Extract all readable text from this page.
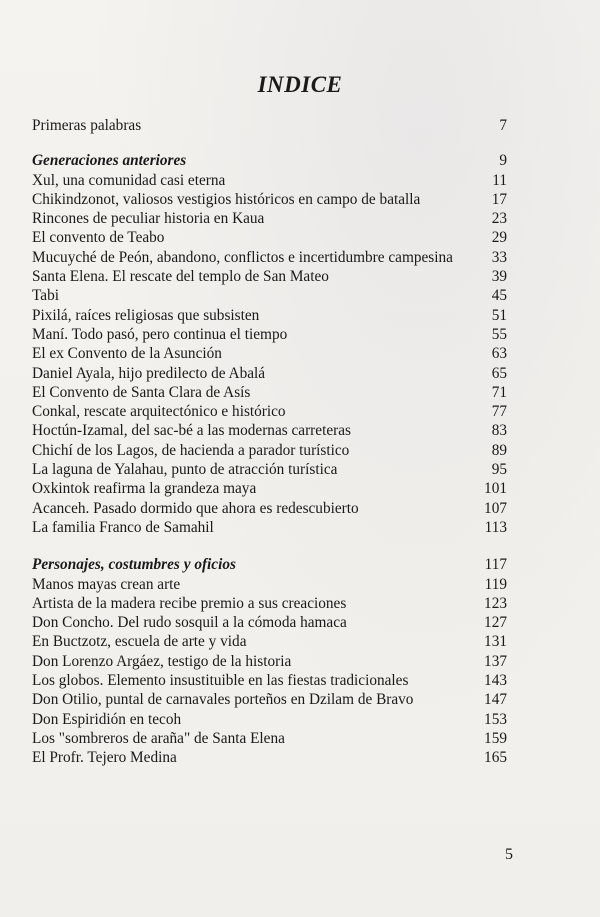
INDICE
Primeras palabras	7
Generaciones anteriores	9
Xul, una comunidad casi eterna	11
Chikindzonot, valiosos vestigios históricos en campo de batalla	17
Rincones de peculiar historia en Kaua	23
El convento de Teabo	29
Mucuyché de Peón, abandono, conflictos e incertidumbre campesina	33
Santa Elena. El rescate del templo de San Mateo	39
Tabi	45
Pixilá, raíces religiosas que subsisten	51
Maní. Todo pasó, pero continua el tiempo	55
El ex Convento de la Asunción	63
Daniel Ayala, hijo predilecto de Abalá	65
El Convento de Santa Clara de Asís	71
Conkal, rescate arquitectónico e histórico	77
Hoctún-Izamal, del sac-bé a las modernas carreteras	83
Chichí de los Lagos, de hacienda a parador turístico	89
La laguna de Yalahau, punto de atracción turística	95
Oxkintok reafirma la grandeza maya	101
Acanceh. Pasado dormido que ahora es redescubierto	107
La familia Franco de Samahil	113
Personajes, costumbres y oficios	117
Manos mayas crean arte	119
Artista de la madera recibe premio a sus creaciones	123
Don Concho. Del rudo sosquil a la cómoda hamaca	127
En Buctzotz, escuela de arte y vida	131
Don Lorenzo Argáez, testigo de la historia	137
Los globos. Elemento insustituible en las fiestas tradicionales	143
Don Otilio, puntal de carnavales porteños en Dzilam de Bravo	147
Don Espiridión en tecoh	153
Los "sombreros de araña" de Santa Elena	159
El Profr. Tejero Medina	165
5
